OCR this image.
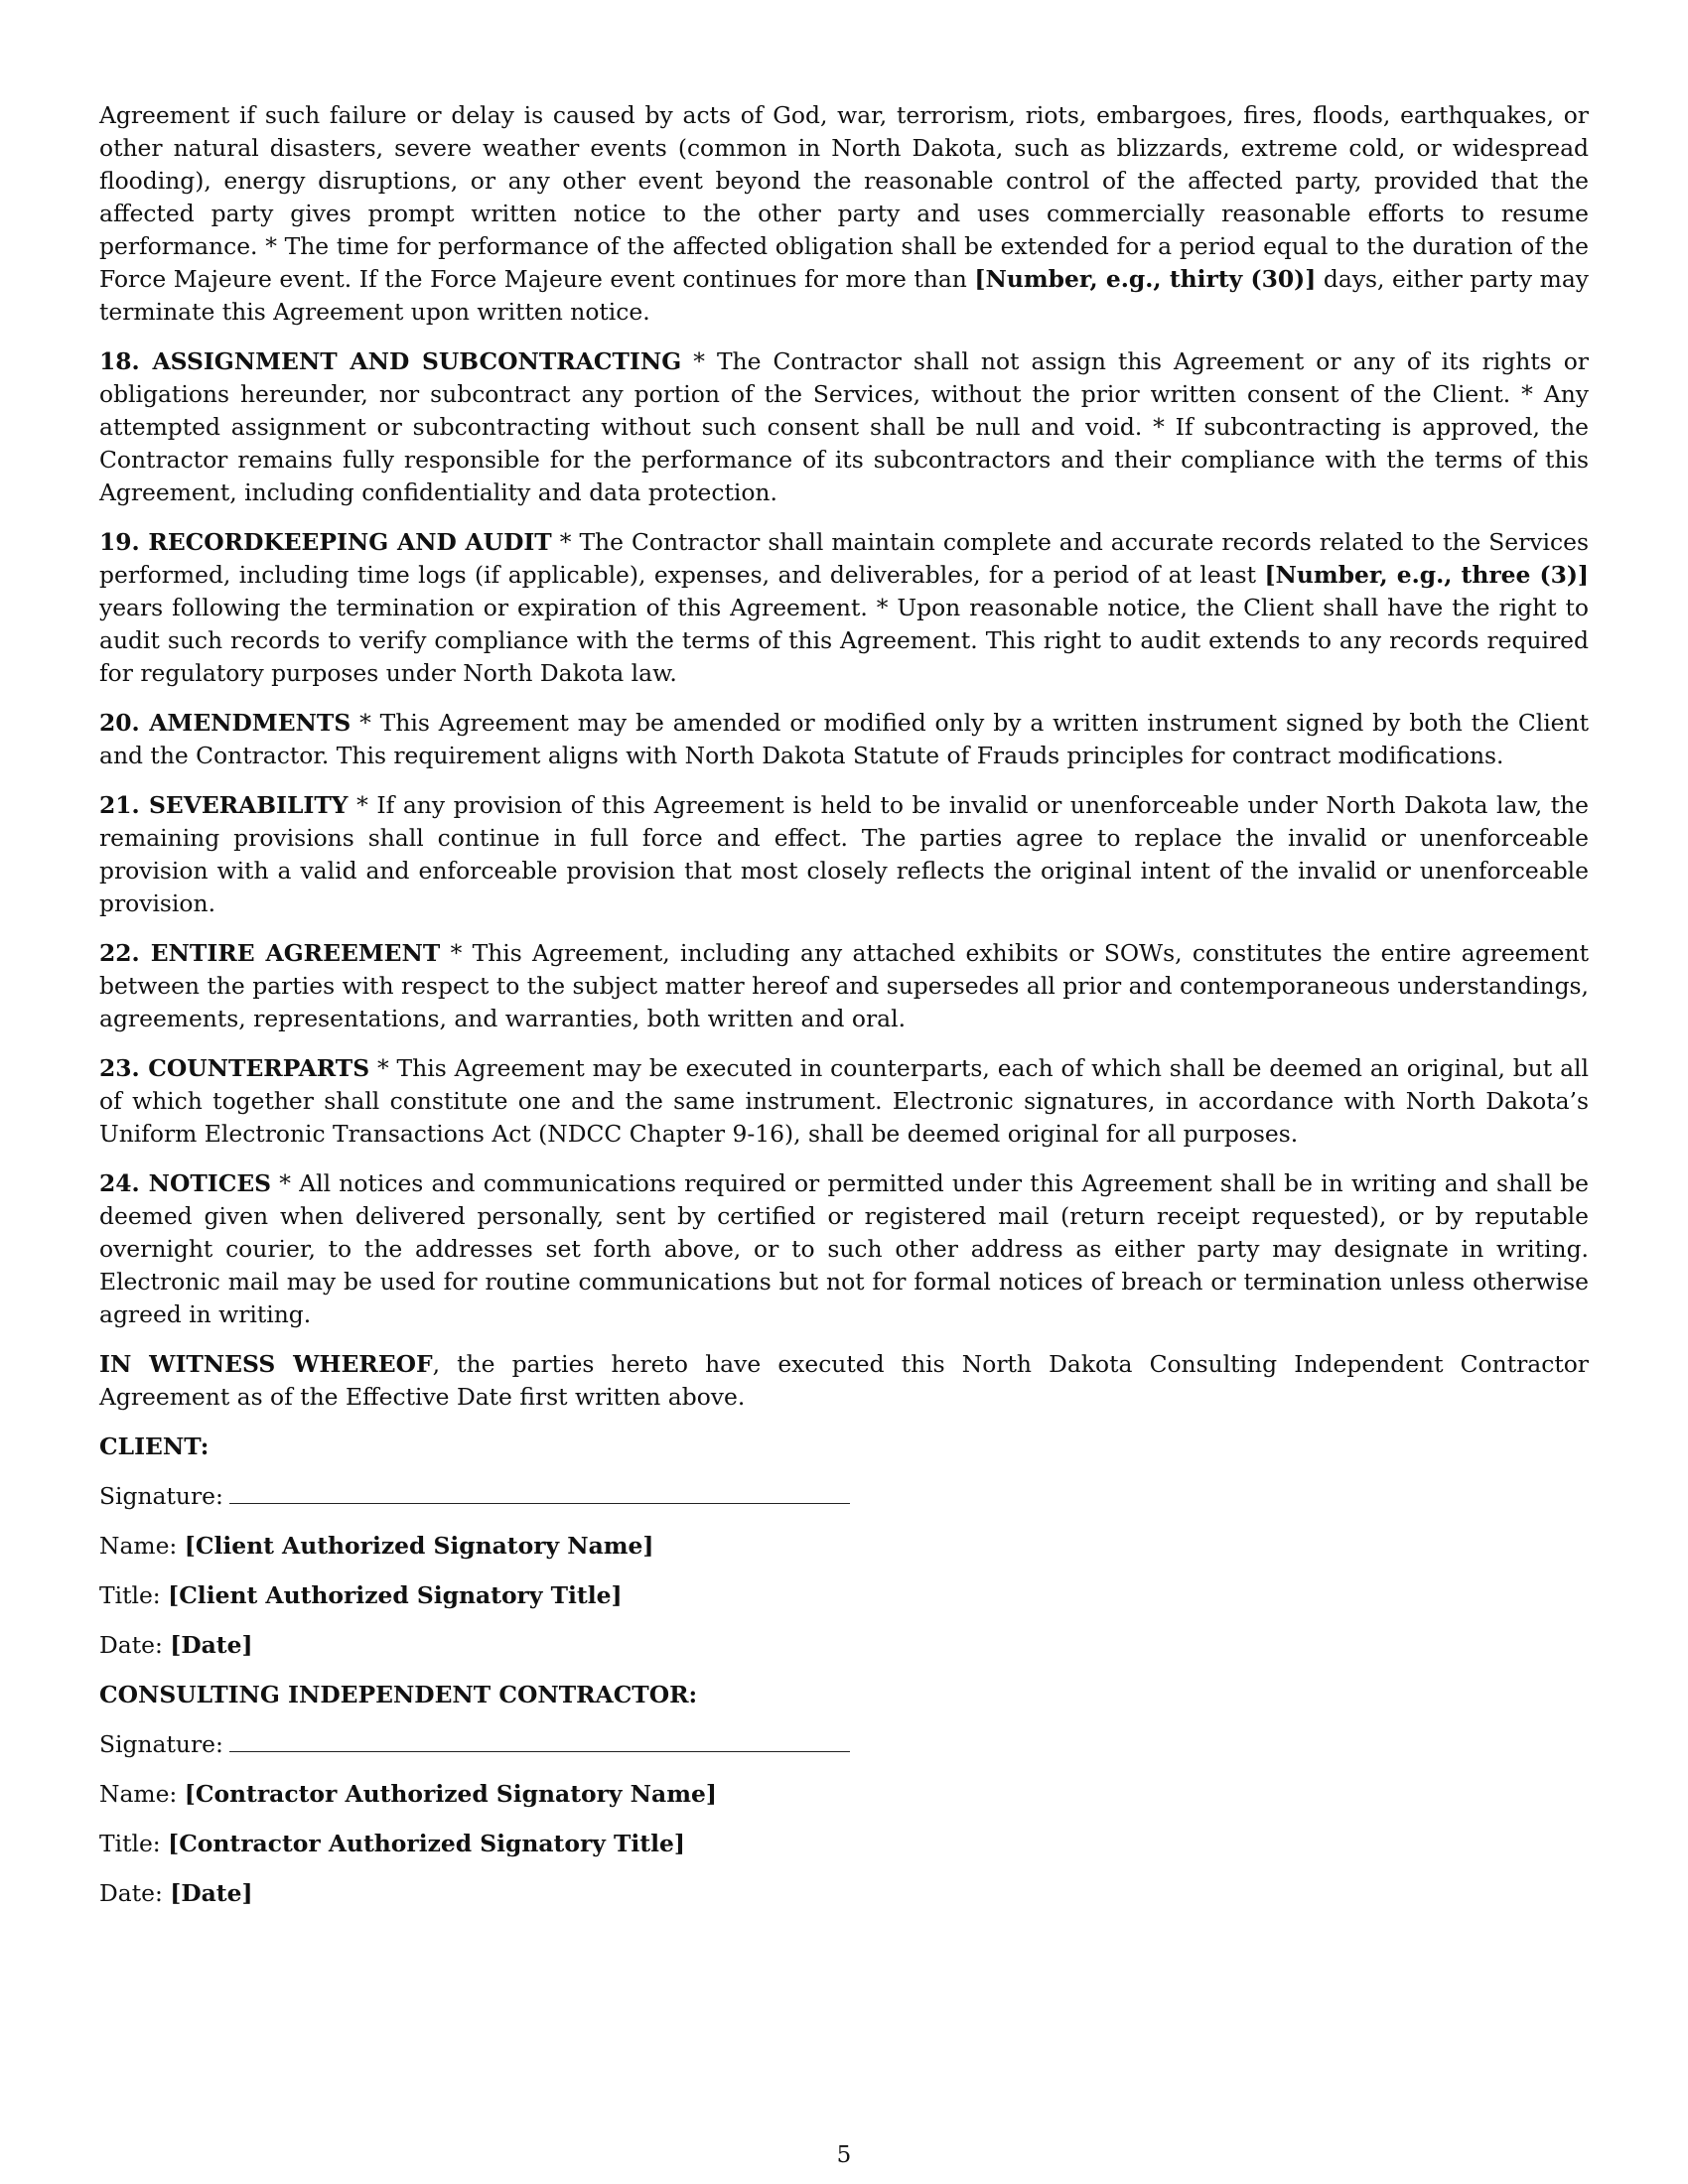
Agreement if such failure or delay is caused by acts of God, war, terrorism, riots, embargoes, fires, floods, earthquakes, or other natural disasters, severe weather events (common in North Dakota, such as blizzards, extreme cold, or widespread flooding), energy disruptions, or any other event beyond the reasonable control of the affected party, provided that the affected party gives prompt written notice to the other party and uses commercially reasonable efforts to resume performance. * The time for performance of the affected obligation shall be extended for a period equal to the duration of the Force Majeure event. If the Force Majeure event continues for more than [Number, e.g., thirty (30)] days, either party may terminate this Agreement upon written notice.

18. ASSIGNMENT AND SUBCONTRACTING * The Contractor shall not assign this Agreement or any of its rights or obligations hereunder, nor subcontract any portion of the Services, without the prior written consent of the Client. * Any attempted assignment or subcontracting without such consent shall be null and void. * If subcontracting is approved, the Contractor remains fully responsible for the performance of its subcontractors and their compliance with the terms of this Agreement, including confidentiality and data protection.

19. RECORDKEEPING AND AUDIT * The Contractor shall maintain complete and accurate records related to the Services performed, including time logs (if applicable), expenses, and deliverables, for a period of at least [Number, e.g., three (3)] years following the termination or expiration of this Agreement. * Upon reasonable notice, the Client shall have the right to audit such records to verify compliance with the terms of this Agreement. This right to audit extends to any records required for regulatory purposes under North Dakota law.

20. AMENDMENTS * This Agreement may be amended or modified only by a written instrument signed by both the Client and the Contractor. This requirement aligns with North Dakota Statute of Frauds principles for contract modifications.

21. SEVERABILITY * If any provision of this Agreement is held to be invalid or unenforceable under North Dakota law, the remaining provisions shall continue in full force and effect. The parties agree to replace the invalid or unenforceable provision with a valid and enforceable provision that most closely reflects the original intent of the invalid or unenforceable provision.

22. ENTIRE AGREEMENT * This Agreement, including any attached exhibits or SOWs, constitutes the entire agreement between the parties with respect to the subject matter hereof and supersedes all prior and contemporaneous understandings, agreements, representations, and warranties, both written and oral.

23. COUNTERPARTS * This Agreement may be executed in counterparts, each of which shall be deemed an original, but all of which together shall constitute one and the same instrument. Electronic signatures, in accordance with North Dakota’s Uniform Electronic Transactions Act (NDCC Chapter 9-16), shall be deemed original for all purposes.

24. NOTICES * All notices and communications required or permitted under this Agreement shall be in writing and shall be deemed given when delivered personally, sent by certified or registered mail (return receipt requested), or by reputable overnight courier, to the addresses set forth above, or to such other address as either party may designate in writing. Electronic mail may be used for routine communications but not for formal notices of breach or termination unless otherwise agreed in writing.

IN WITNESS WHEREOF, the parties hereto have executed this North Dakota Consulting Independent Contractor Agreement as of the Effective Date first written above.

CLIENT:
Signature:
Name: [Client Authorized Signatory Name]
Title: [Client Authorized Signatory Title]
Date: [Date]
CONSULTING INDEPENDENT CONTRACTOR:
Signature:
Name: [Contractor Authorized Signatory Name]
Title: [Contractor Authorized Signatory Title]
Date: [Date]
5
